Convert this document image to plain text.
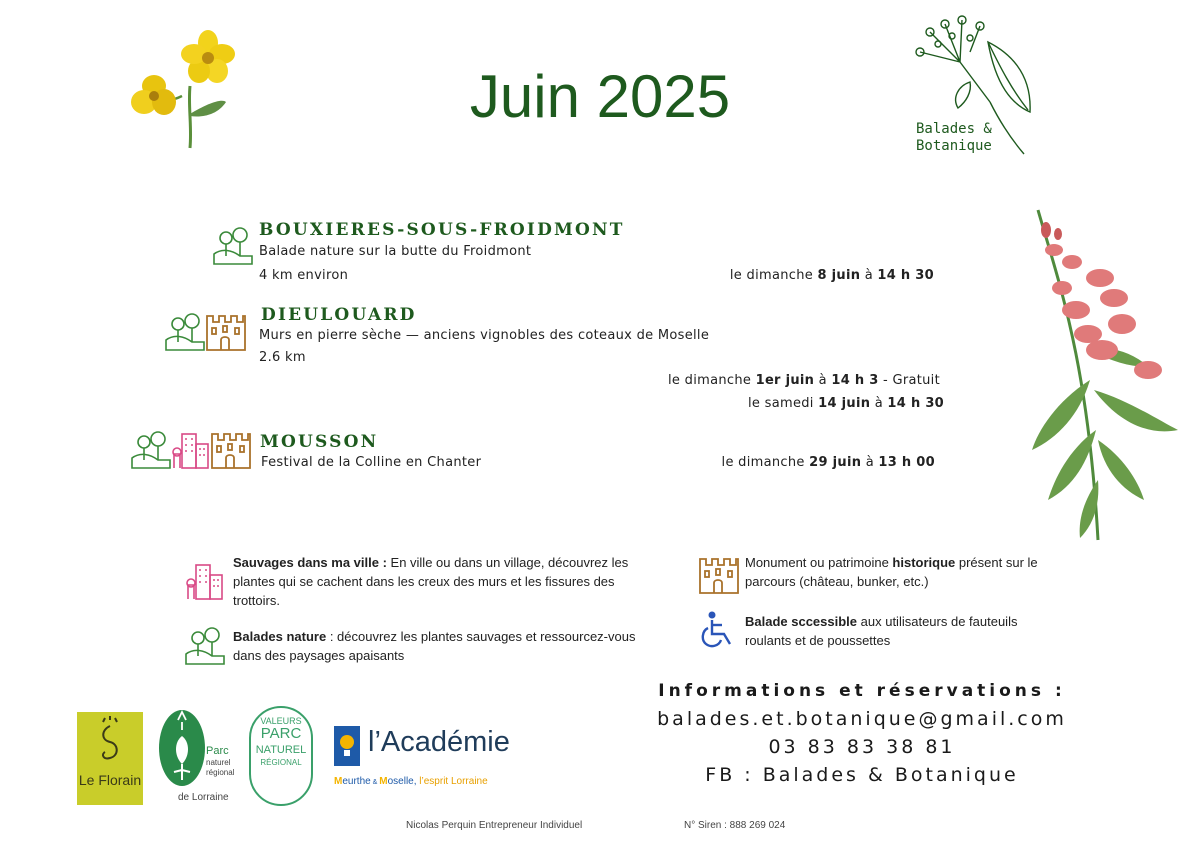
Juin 2025	Balades &
Botanique
BOUXIERES-SOUS-FROIDMONT
Balade nature sur la butte du Froidmont
4 km environ	le dimanche 8 juin à 14 h 30
DIEULOUARD
Murs en pierre sèche — anciens vignobles des coteaux de Moselle
2.6 km
le dimanche 1er juin à 14 h 3 - Gratuit
le samedi 14 juin à 14 h 30
MOUSSON
Festival de la Colline en Chanter	le dimanche 29 juin à 13 h 00
Sauvages dans ma ville : En ville ou dans un village, découvrez les plantes qui se cachent dans les creux des murs et les fissures des trottoirs.
Balades nature : découvrez les plantes sauvages et ressourcez-vous dans des paysages apaisants
Monument ou patrimoine historique présent sur le parcours (château, bunker, etc.)
Balade sccessible aux utilisateurs de fauteuils roulants et de poussettes
Le Florain
Parc
naturel
régional
de Lorraine
VALEURS
PARC
NATUREL
RÉGIONAL
l’Académie
Meurthe & Moselle, l’esprit Lorraine
Informations et réservations :
balades.et.botanique@gmail.com
03 83 83 38 81
FB : Balades & Botanique
Nicolas Perquin Entrepreneur Individuel	N° Siren : 888 269 024
